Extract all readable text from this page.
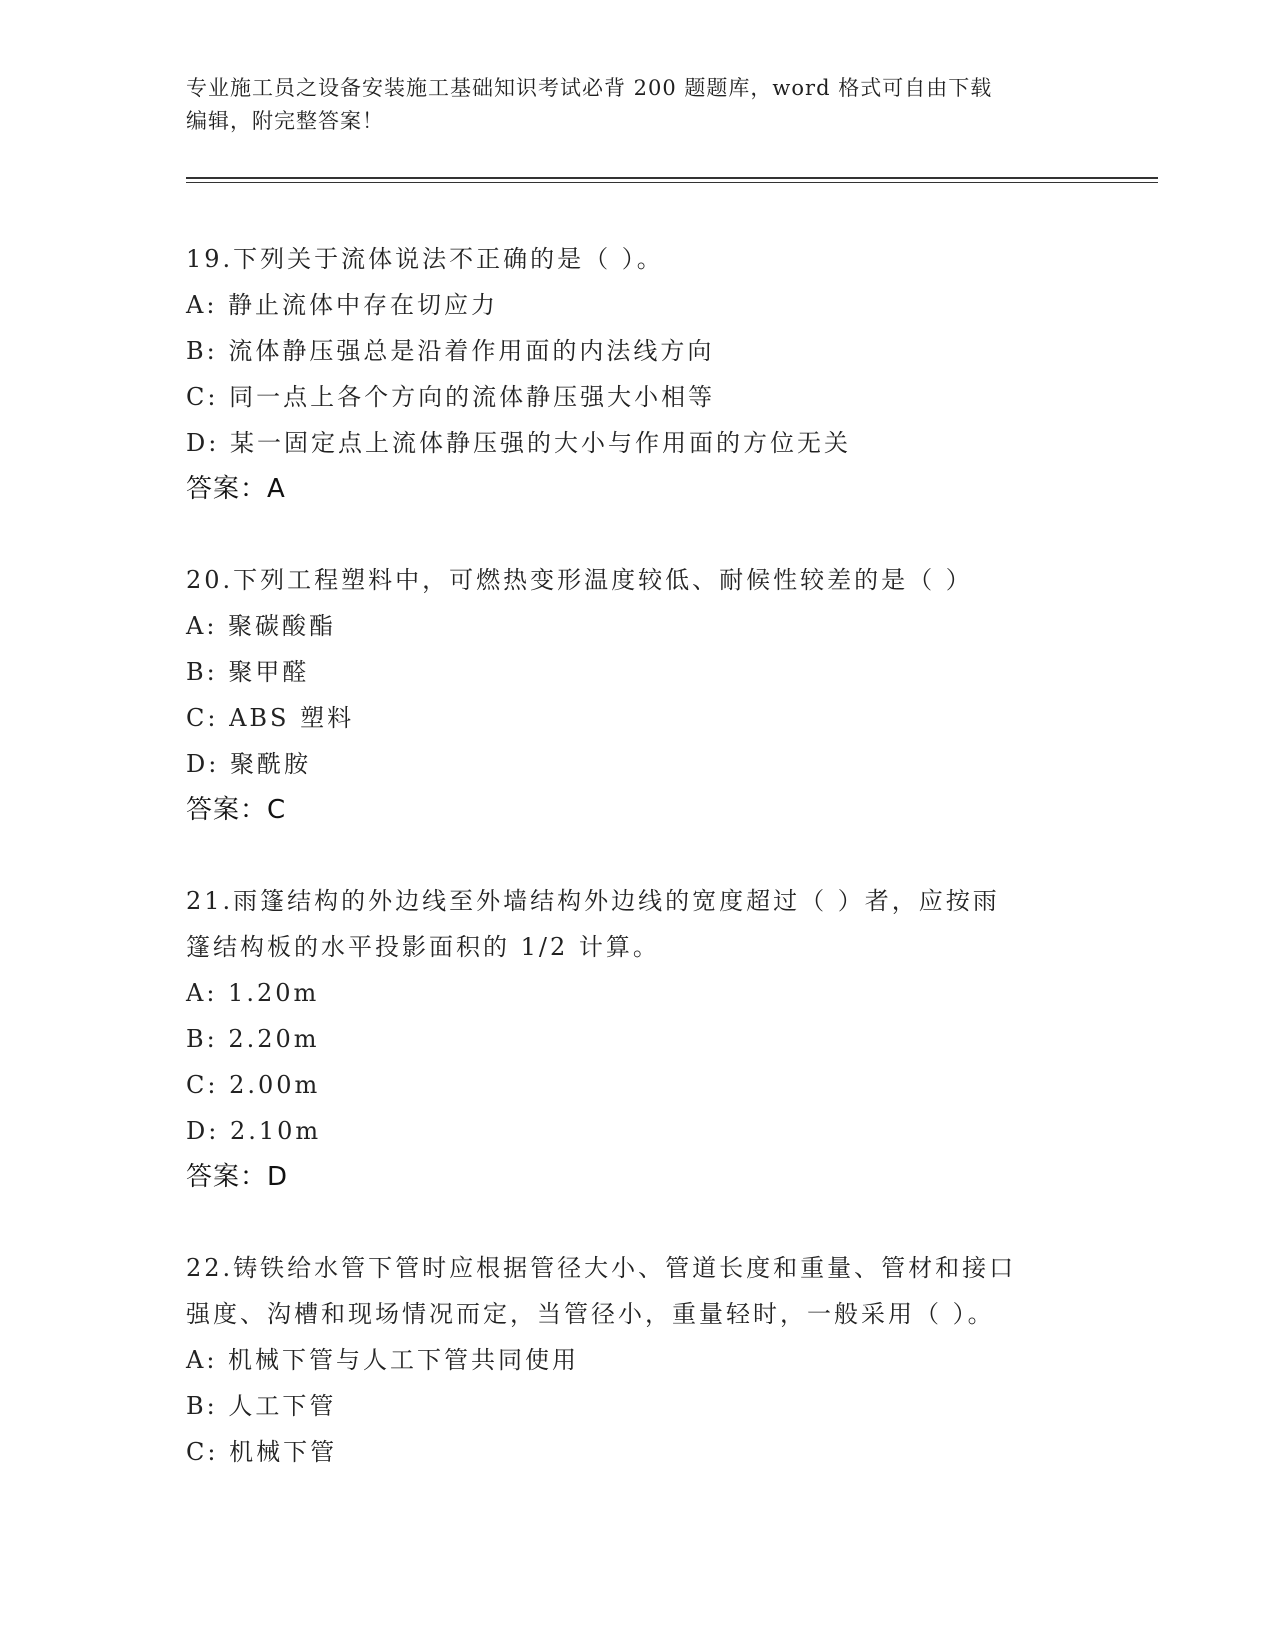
专业施工员之设备安装施工基础知识考试必背 200 题题库，word 格式可自由下载
编辑，附完整答案！
19.下列关于流体说法不正确的是（ ）。
A: 静止流体中存在切应力
B: 流体静压强总是沿着作用面的内法线方向
C: 同一点上各个方向的流体静压强大小相等
D: 某一固定点上流体静压强的大小与作用面的方位无关
答案：A
20.下列工程塑料中，可燃热变形温度较低、耐候性较差的是（ ）
A: 聚碳酸酯
B: 聚甲醛
C: ABS 塑料
D: 聚酰胺
答案：C
21.雨篷结构的外边线至外墙结构外边线的宽度超过（ ）者，应按雨
篷结构板的水平投影面积的 1/2 计算。
A: 1.20m
B: 2.20m
C: 2.00m
D: 2.10m
答案：D
22.铸铁给水管下管时应根据管径大小、管道长度和重量、管材和接口
强度、沟槽和现场情况而定，当管径小，重量轻时，一般采用（ ）。
A: 机械下管与人工下管共同使用
B: 人工下管
C: 机械下管
